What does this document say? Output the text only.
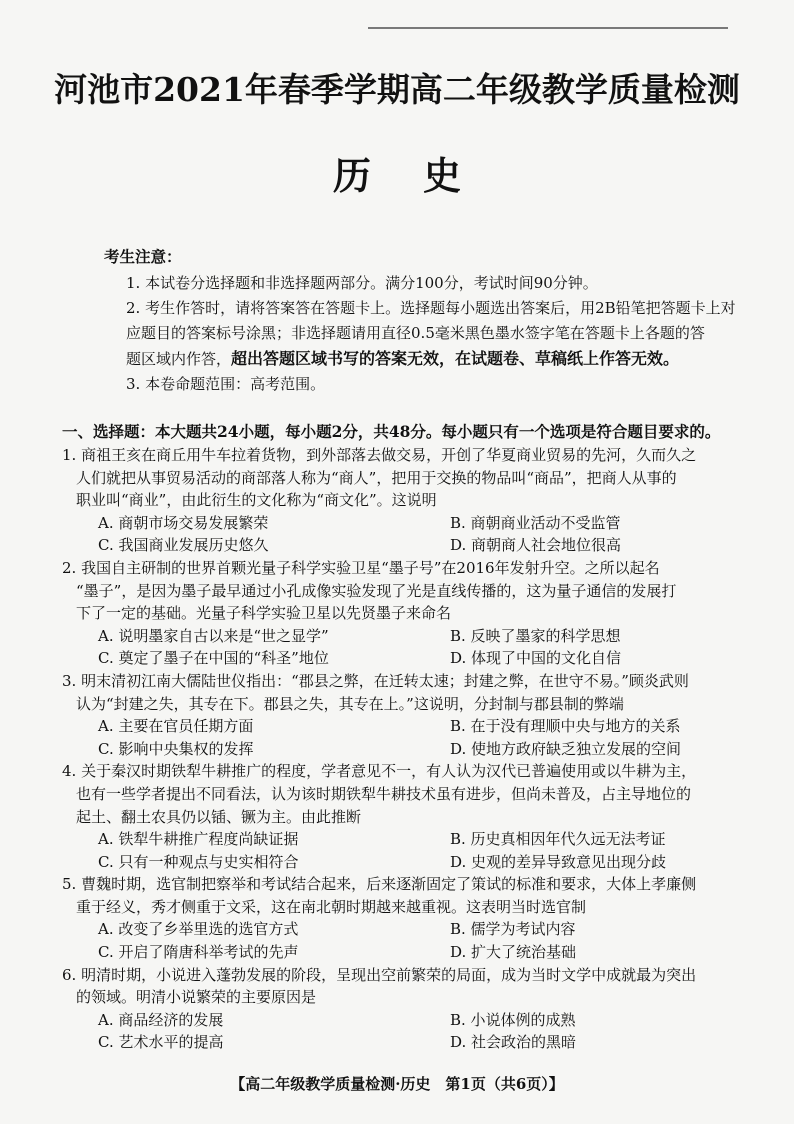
河池市2021年春季学期高二年级教学质量检测
历史
考生注意：
1. 本试卷分选择题和非选择题两部分。满分100分，考试时间90分钟。
2. 考生作答时，请将答案答在答题卡上。选择题每小题选出答案后，用2B铅笔把答题卡上对
应题目的答案标号涂黑；非选择题请用直径0.5毫米黑色墨水签字笔在答题卡上各题的答
题区域内作答，超出答题区域书写的答案无效，在试题卷、草稿纸上作答无效。
3. 本卷命题范围：高考范围。
一、选择题：本大题共24小题，每小题2分，共48分。每小题只有一个选项是符合题目要求的。
1. 商祖王亥在商丘用牛车拉着货物，到外部落去做交易，开创了华夏商业贸易的先河，久而久之
人们就把从事贸易活动的商部落人称为“商人”，把用于交换的物品叫“商品”，把商人从事的
职业叫“商业”，由此衍生的文化称为“商文化”。这说明
A. 商朝市场交易发展繁荣	B. 商朝商业活动不受监管
C. 我国商业发展历史悠久	D. 商朝商人社会地位很高
2. 我国自主研制的世界首颗光量子科学实验卫星“墨子号”在2016年发射升空。之所以起名
“墨子”，是因为墨子最早通过小孔成像实验发现了光是直线传播的，这为量子通信的发展打
下了一定的基础。光量子科学实验卫星以先贤墨子来命名
A. 说明墨家自古以来是“世之显学”	B. 反映了墨家的科学思想
C. 奠定了墨子在中国的“科圣”地位	D. 体现了中国的文化自信
3. 明末清初江南大儒陆世仪指出：“郡县之弊，在迁转太速；封建之弊，在世守不易。”顾炎武则
认为“封建之失，其专在下。郡县之失，其专在上。”这说明，分封制与郡县制的弊端
A. 主要在官员任期方面	B. 在于没有理顺中央与地方的关系
C. 影响中央集权的发挥	D. 使地方政府缺乏独立发展的空间
4. 关于秦汉时期铁犁牛耕推广的程度，学者意见不一，有人认为汉代已普遍使用或以牛耕为主，
也有一些学者提出不同看法，认为该时期铁犁牛耕技术虽有进步，但尚未普及，占主导地位的
起土、翻土农具仍以锸、镢为主。由此推断
A. 铁犁牛耕推广程度尚缺证据	B. 历史真相因年代久远无法考证
C. 只有一种观点与史实相符合	D. 史观的差异导致意见出现分歧
5. 曹魏时期，选官制把察举和考试结合起来，后来逐渐固定了策试的标准和要求，大体上孝廉侧
重于经义，秀才侧重于文采，这在南北朝时期越来越重视。这表明当时选官制
A. 改变了乡举里选的选官方式	B. 儒学为考试内容
C. 开启了隋唐科举考试的先声	D. 扩大了统治基础
6. 明清时期，小说进入蓬勃发展的阶段，呈现出空前繁荣的局面，成为当时文学中成就最为突出
的领域。明清小说繁荣的主要原因是
A. 商品经济的发展	B. 小说体例的成熟
C. 艺术水平的提高	D. 社会政治的黑暗
【高二年级教学质量检测·历史　第1页（共6页）】
